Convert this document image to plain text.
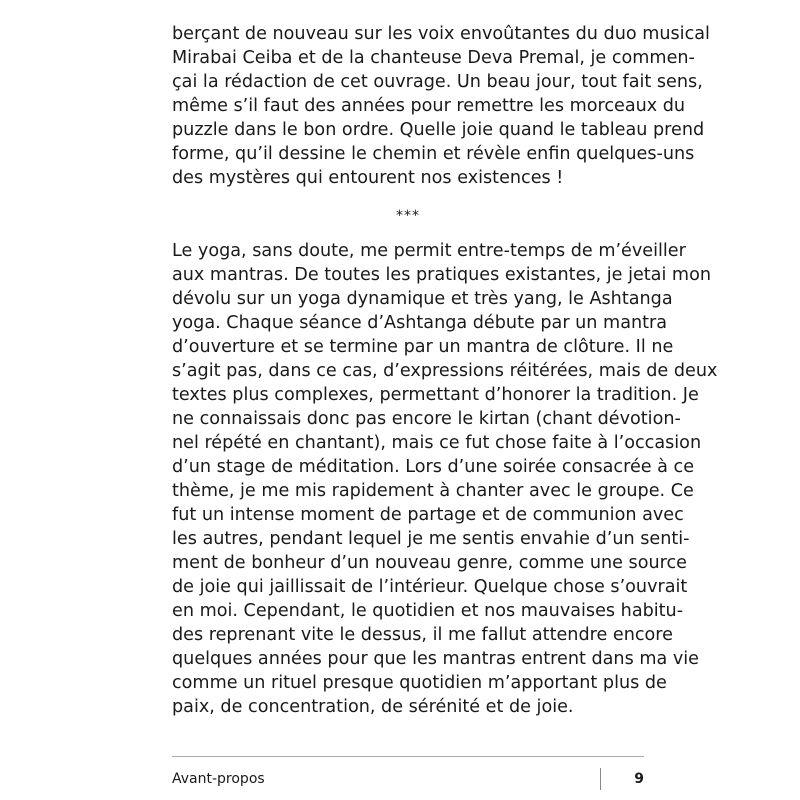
berçant de nouveau sur les voix envoûtantes du duo musical
Mirabai Ceiba et de la chanteuse Deva Premal, je commen-
çai la rédaction de cet ouvrage. Un beau jour, tout fait sens,
même s’il faut des années pour remettre les morceaux du
puzzle dans le bon ordre. Quelle joie quand le tableau prend
forme, qu’il dessine le chemin et révèle enfin quelques-uns
des mystères qui entourent nos existences !
***
Le yoga, sans doute, me permit entre-temps de m’éveiller
aux mantras. De toutes les pratiques existantes, je jetai mon
dévolu sur un yoga dynamique et très yang, le Ashtanga
yoga. Chaque séance d’Ashtanga débute par un mantra
d’ouverture et se termine par un mantra de clôture. Il ne
s’agit pas, dans ce cas, d’expressions réitérées, mais de deux
textes plus complexes, permettant d’honorer la tradition. Je
ne connaissais donc pas encore le kirtan (chant dévotion-
nel répété en chantant), mais ce fut chose faite à l’occasion
d’un stage de méditation. Lors d’une soirée consacrée à ce
thème, je me mis rapidement à chanter avec le groupe. Ce
fut un intense moment de partage et de communion avec
les autres, pendant lequel je me sentis envahie d’un senti-
ment de bonheur d’un nouveau genre, comme une source
de joie qui jaillissait de l’intérieur. Quelque chose s’ouvrait
en moi. Cependant, le quotidien et nos mauvaises habitu-
des reprenant vite le dessus, il me fallut attendre encore
quelques années pour que les mantras entrent dans ma vie
comme un rituel presque quotidien m’apportant plus de
paix, de concentration, de sérénité et de joie.
Avant-propos	9
